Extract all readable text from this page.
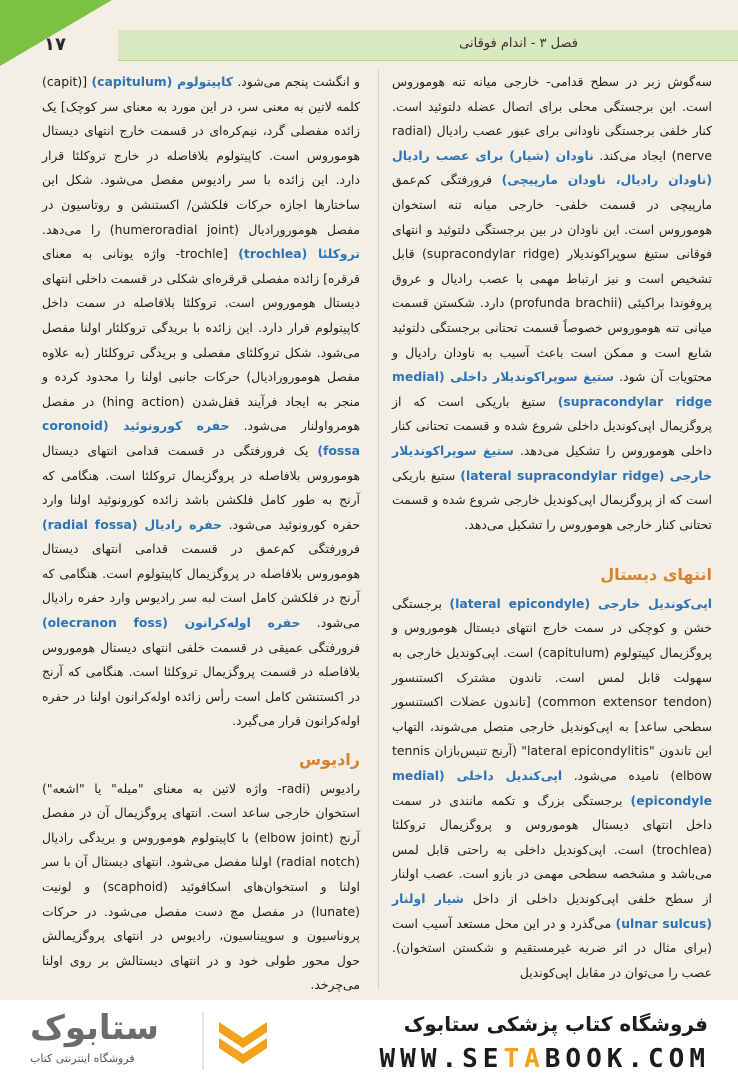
فصل ۳ - اندام فوقانی
۱۷

سه‌گوش زبر در سطح قدامی- خارجی میانه تنه هوموروس است. این برجستگی محلی برای اتصال عضله دلتوئید است. کنار خلفی برجستگی ناودانی برای عبور عصب رادیال (radial nerve) ایجاد می‌کند. ناودان (شیار) برای عصب رادیال (ناودان رادیال، ناودان مارپیچی) فرورفتگی کم‌عمق مارپیچی در قسمت خلفی- خارجی میانه تنه استخوان هوموروس است. این ناودان در بین برجستگی دلتوئید و انتهای فوقانی ستیغ سوپراکوندیلار (supracondylar ridge) قابل تشخیص است و نیز ارتباط مهمی با عصب رادیال و عروق پروفوندا براکیئی (profunda brachii) دارد. شکستن قسمت میانی تنه هوموروس خصوصاً قسمت تحتانی برجستگی دلتوئید شایع است و ممکن است باعث آسیب به ناودان رادیال و محتویات آن شود. ستیغ سوپراکوندیلار داخلی (medial supracondylar ridge) ستیغ باریکی است که از پروگزیمال اپی‌کوندیل داخلی شروع شده و قسمت تحتانی کنار داخلی هوموروس را تشکیل می‌دهد. ستیغ سوپراکوندیلار خارجی (lateral supracondylar ridge) ستیغ باریکی است که از پروگزیمال اپی‌کوندیل خارجی شروع شده و قسمت تحتانی کنار خارجی هوموروس را تشکیل می‌دهد.

انتهای دیستال

اپی‌کوندیل خارجی (lateral epicondyle) برجستگی خشن و کوچکی در سمت خارج انتهای دیستال هوموروس و پروگزیمال کپیتولوم (capitulum) است. اپی‌کوندیل خارجی به سهولت قابل لمس است. تاندون مشترک اکستنسور (common extensor tendon) [تاندون عضلات اکستنسور سطحی ساعد] به اپی‌کوندیل خارجی متصل می‌شوند، التهاب این تاندون "lateral epicondylitis" (آرنج تنیس‌بازان tennis elbow) نامیده می‌شود. اپی‌کندیل داخلی (medial epicondyle) برجستگی بزرگ و تکمه مانندی در سمت داخل انتهای دیستال هوموروس و پروگزیمال تروکلئا (trochlea) است. اپی‌کوندیل داخلی به راحتی قابل لمس می‌باشد و مشخصه سطحی مهمی در بازو است. عصب اولنار از سطح خلفی اپی‌کوندیل داخلی از داخل شیار اولنار (ulnar sulcus) می‌گذرد و در این محل مستعد آسیب است (برای مثال در اثر ضربه غیرمستقیم و شکستن استخوان). عصب را می‌توان در مقابل اپی‌کوندیل

و انگشت پنجم می‌شود. کاپیتولوم (capitulum) [(capit) کلمه لاتین به معنی سر، در این مورد به معنای سر کوچک] یک زائده مفصلی گرد، نیم‌کره‌ای در قسمت خارج انتهای دیستال هوموروس است. کاپیتولوم بلافاصله در خارج تروکلئا قرار دارد. این زائده با سر رادیوس مفصل می‌شود. شکل این ساختارها اجازه حرکات فلکشن/ اکستنشن و روتاسیون در مفصل هومورورادیال (humeroradial joint) را می‌دهد. تروکلئا (trochlea) [trochle- واژه یونانی به معنای قرقره] زائده مفصلی قرقره‌ای شکلی در قسمت داخلی انتهای دیستال هوموروس است. تروکلئا بلافاصله در سمت داخل کاپیتولوم قرار دارد. این زائده با بریدگی تروکلئار اولنا مفصل می‌شود. شکل تروکلئای مفصلی و بریدگی تروکلئار (به علاوه مفصل هومورورادیال) حرکات جانبی اولنا را محدود کرده و منجر به ایجاد فرآیند قفل‌شدن (hing action) در مفصل هومرواولنار می‌شود. حفره کورونوئید (coronoid fossa) یک فرورفتگی در قسمت قدامی انتهای دیستال هوموروس بلافاصله در پروگزیمال تروکلئا است. هنگامی که آرنج به طور کامل فلکشن باشد زائده کورونوئید اولنا وارد حفره کورونوئید می‌شود. حفره رادیال (radial fossa) فرورفتگی کم‌عمق در قسمت قدامی انتهای دیستال هوموروس بلافاصله در پروگزیمال کاپیتولوم است. هنگامی که آرنج در فلکشن کامل است لبه سر رادیوس وارد حفره رادیال می‌شود. حفره اوله‌کرانون (olecranon foss) فرورفتگی عمیقی در قسمت خلفی انتهای دیستال هوموروس بلافاصله در قسمت پروگزیمال تروکلئا است. هنگامی که آرنج در اکستنشن کامل است رأس زائده اوله‌کرانون اولنا در حفره اوله‌کرانون قرار می‌گیرد.

رادیوس

رادیوس (radi- واژه لاتین به معنای "میله" یا "اشعه") استخوان خارجی ساعد است. انتهای پروگزیمال آن در مفصل آرنج (elbow joint) با کاپیتولوم هوموروس و بریدگی رادیال (radial notch) اولنا مفصل می‌شود. انتهای دیستال آن با سر اولنا و استخوان‌های اسکافوئید (scaphoid) و لونیت (lunate) در مفصل مچ دست مفصل می‌شود. در حرکات پروناسیون و سوپیناسیون، رادیوس در انتهای پروگزیمالش حول محور طولی خود و در انتهای دیستالش بر روی اولنا می‌چرخد.

ستابوک
فروشگاه اینترنتی کتاب
فروشگاه کتاب پزشکی ستابوک
WWW.SETABOOK.COM
